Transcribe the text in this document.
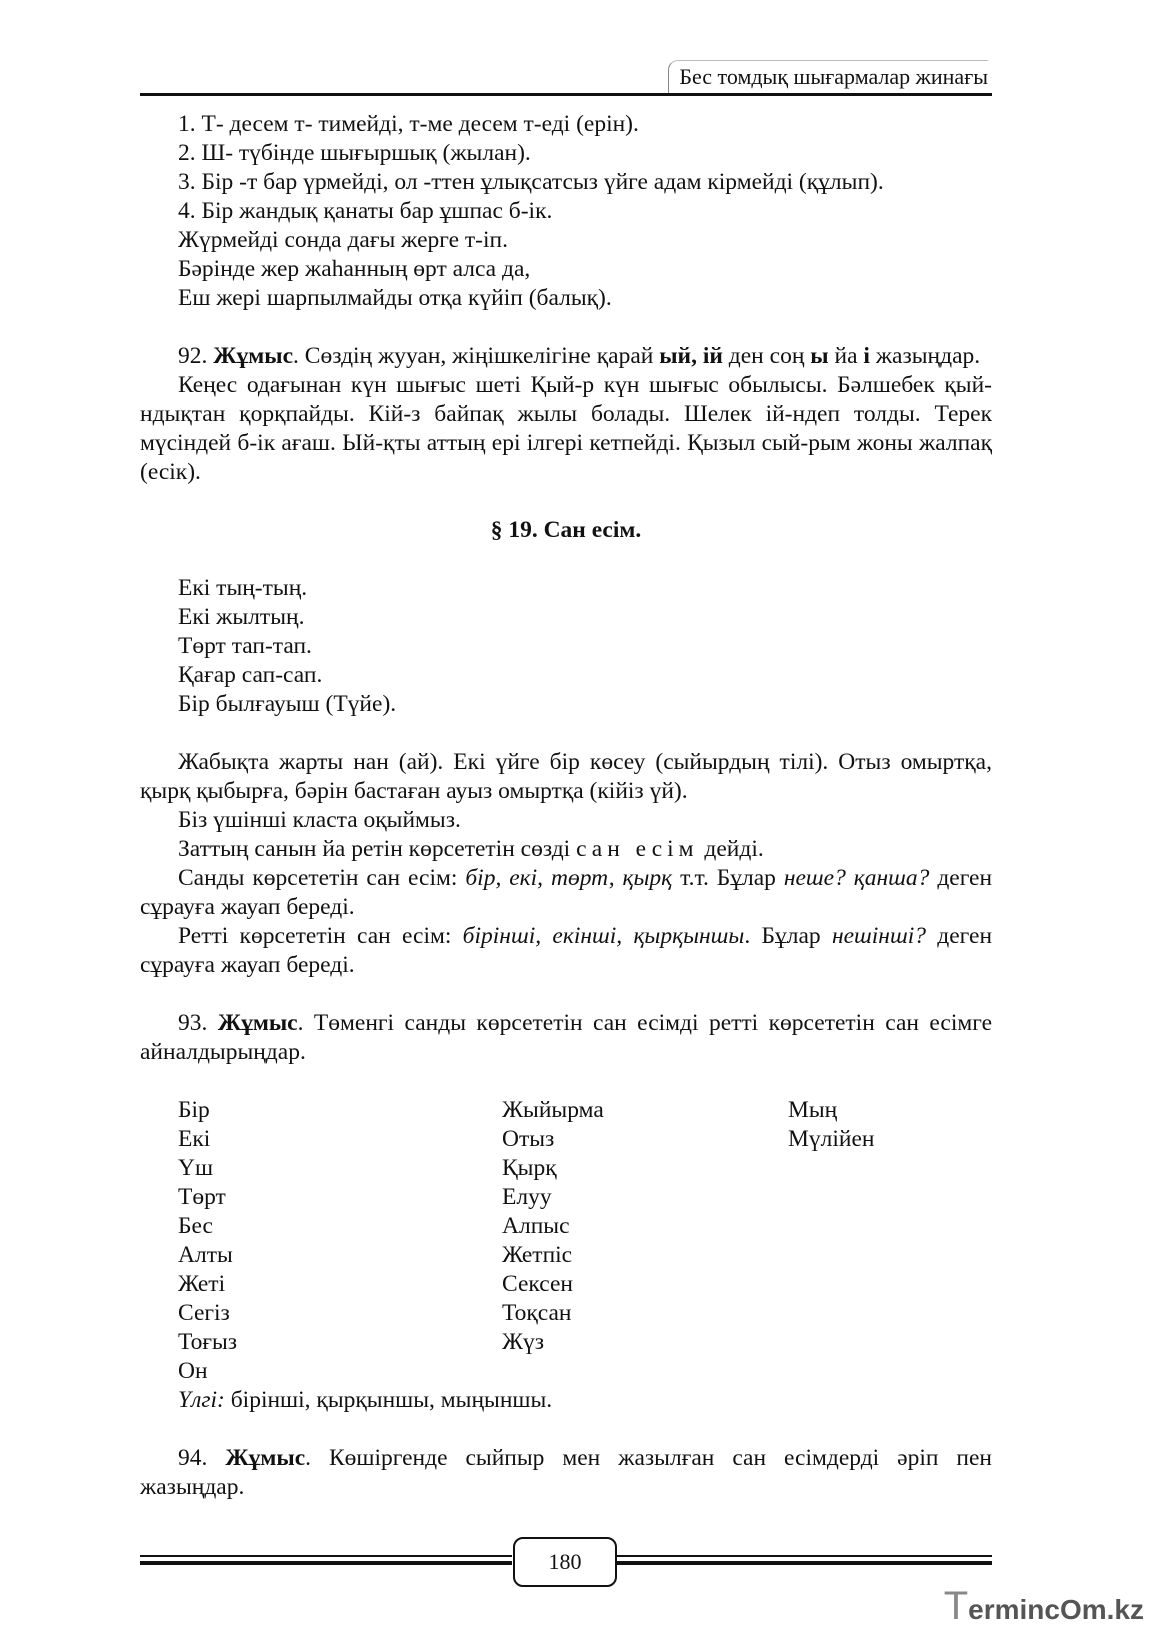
Бес томдық шығармалар жинағы

1. Т- десем т- тимейді, т-ме десем т-еді (ерін).

2. Ш- түбінде шығыршық (жылан).

3. Бір -т бар үрмейді, ол -ттен ұлықсатсыз үйге адам кірмейді (құлып).

4. Бір жандық қанаты бар ұшпас б-ік.

Жүрмейді сонда дағы жерге т-іп.

Бәрінде жер жаһанның өрт алса да,

Еш жері шарпылмайды отқа күйіп (балық).

92. Жұмыс. Сөздің жууан, жіңішкелігіне қарай ый, ій ден соң ы йа і жазыңдар.

Кеңес одағынан күн шығыс шеті Қый-р күн шығыс обылысы. Бәлшебек қый-ндықтан қорқпайды. Кій-з байпақ жылы болады. Шелек ій-ндеп толды. Терек мүсіндей б-ік ағаш. Ый-қты аттың ері ілгері кетпейді. Қызыл сый-рым жоны жалпақ (есік).

§ 19. Сан есім.

Екі тың-тың.

Екі жылтың.

Төрт тап-тап.

Қағар сап-сап.

Бір былғауыш (Түйе).

Жабықта жарты нан (ай). Екі үйге бір көсеу (сыйырдың тілі). Отыз омыртқа, қырқ қыбырға, бәрін бастаған ауыз омыртқа (кійіз үй).

Біз үшінші класта оқыймыз.

Заттың санын йа ретін көрсететін сөзді сан есім дейді.

Санды көрсететін сан есім: бір, екі, төрт, қырқ т.т. Бұлар неше? қанша? деген сұрауға жауап береді.

Ретті көрсететін сан есім: бірінші, екінші, қырқыншы. Бұлар нешінші? деген сұрауға жауап береді.

93. Жұмыс. Төменгі санды көрсететін сан есімді ретті көрсететін сан есімге айналдырыңдар.

Бір
Екі
Үш
Төрт
Бес
Алты
Жеті
Сегіз
Тоғыз
Он
Жыйырма
Отыз
Қырқ
Елуу
Алпыс
Жетпіс
Сексен
Тоқсан
Жүз
Мың
Мүлійен

Үлгі: бірінші, қырқыншы, мыңыншы.

94. Жұмыс. Көшіргенде сыйпыр мен жазылған сан есімдерді әріп пен жазыңдар.

180
TermincOm.kz
